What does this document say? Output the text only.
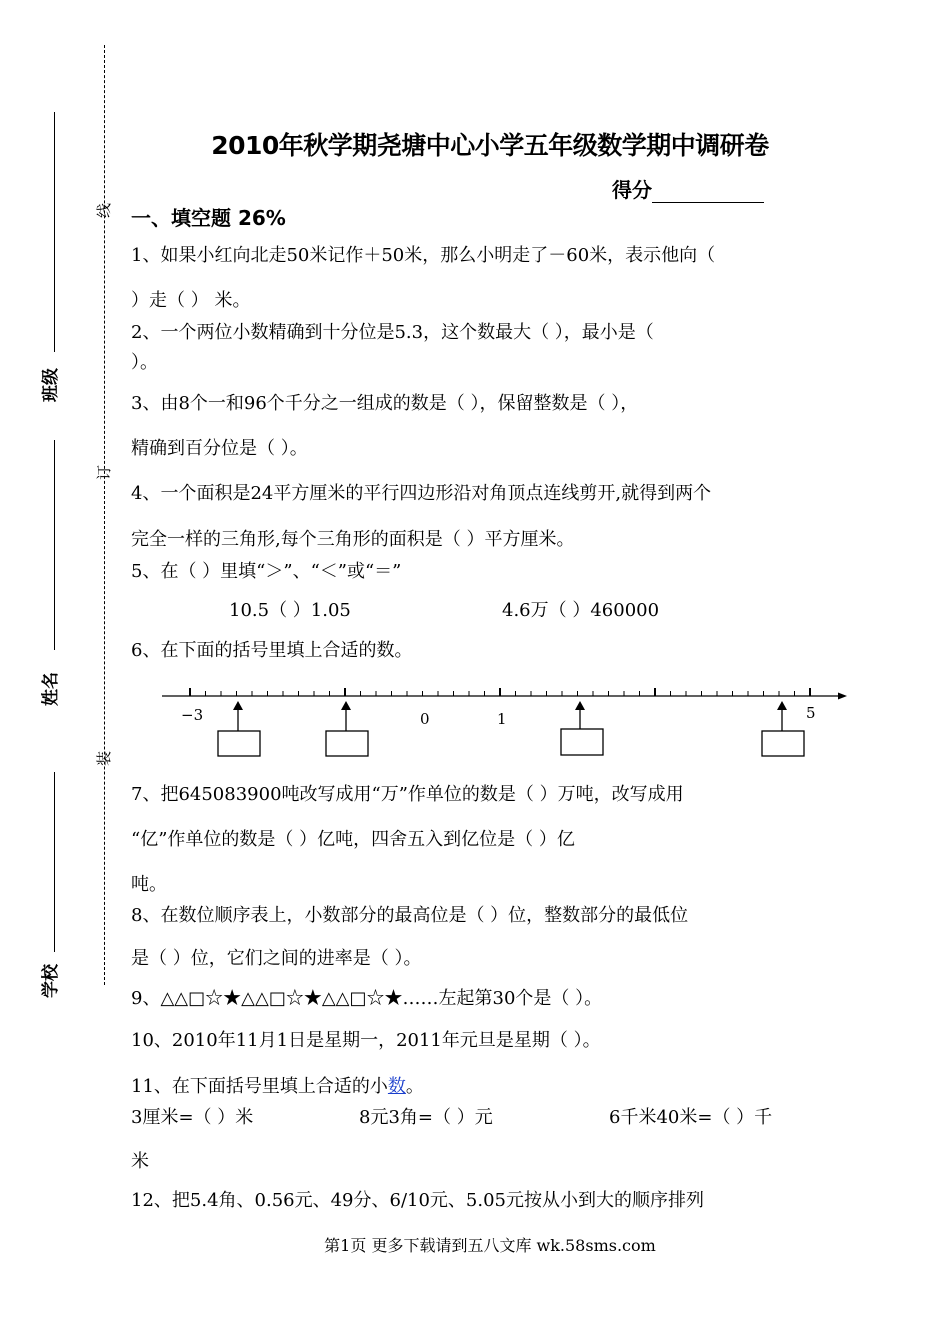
线
订
装
班级
姓名
学校
2010年秋学期尧塘中心小学五年级数学期中调研卷
得分
一、填空题 26%
1、如果小红向北走50米记作＋50米，那么小明走了－60米，表示他向（
）走（ ） 米。
2、一个两位小数精确到十分位是5.3，这个数最大（ ），最小是（
）。
3、由8个一和96个千分之一组成的数是（ ），保留整数是（ ），
精确到百分位是（ ）。
4、一个面积是24平方厘米的平行四边形沿对角顶点连线剪开,就得到两个
完全一样的三角形,每个三角形的面积是（ ）平方厘米。
5、在（ ）里填“＞”、“＜”或“＝”
10.5（ ）1.05	4.6万（ ）460000
6、在下面的括号里填上合适的数。
−3	0	1	5
7、把645083900吨改写成用“万”作单位的数是（ ）万吨，改写成用
“亿”作单位的数是（ ）亿吨，四舍五入到亿位是（ ）亿
吨。
8、在数位顺序表上，小数部分的最高位是（ ）位，整数部分的最低位
是（ ）位，它们之间的进率是（ ）。
9、△△□☆★△△□☆★△△□☆★……左起第30个是（ ）。
10、2010年11月1日是星期一，2011年元旦是星期（ ）。
11、在下面括号里填上合适的小数。
3厘米=（ ）米	8元3角=（ ）元	6千米40米=（ ）千
米
12、把5.4角、0.56元、49分、6/10元、5.05元按从小到大的顺序排列
第1页 更多下载请到五八文库 wk.58sms.com
